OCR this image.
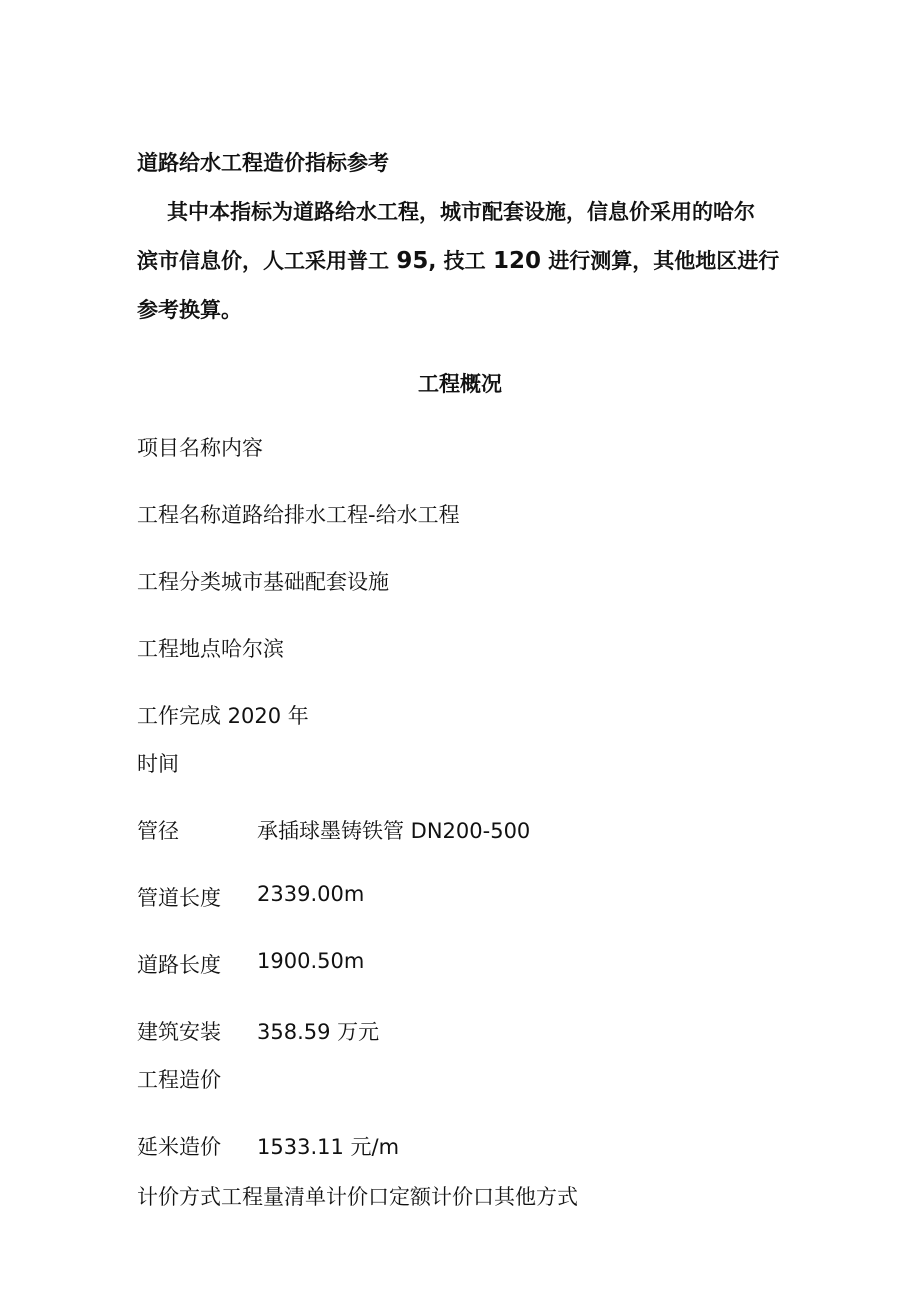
道路给水工程造价指标参考
其中本指标为道路给水工程，城市配套设施，信息价采用的哈尔
滨市信息价，人工采用普工 95, 技工 120 进行测算，其他地区进行
参考换算。
工程概况
项目名称内容
工程名称道路给排水工程-给水工程
工程分类城市基础配套设施
工程地点哈尔滨
工作完成 2020 年
时间
管径	承插球墨铸铁管 DN200-500
管道长度 2339.00m
道路长度 1900.50m
建筑安装 358.59 万元
工程造价
延米造价 1533.11 元/m
计价方式工程量清单计价口定额计价口其他方式
